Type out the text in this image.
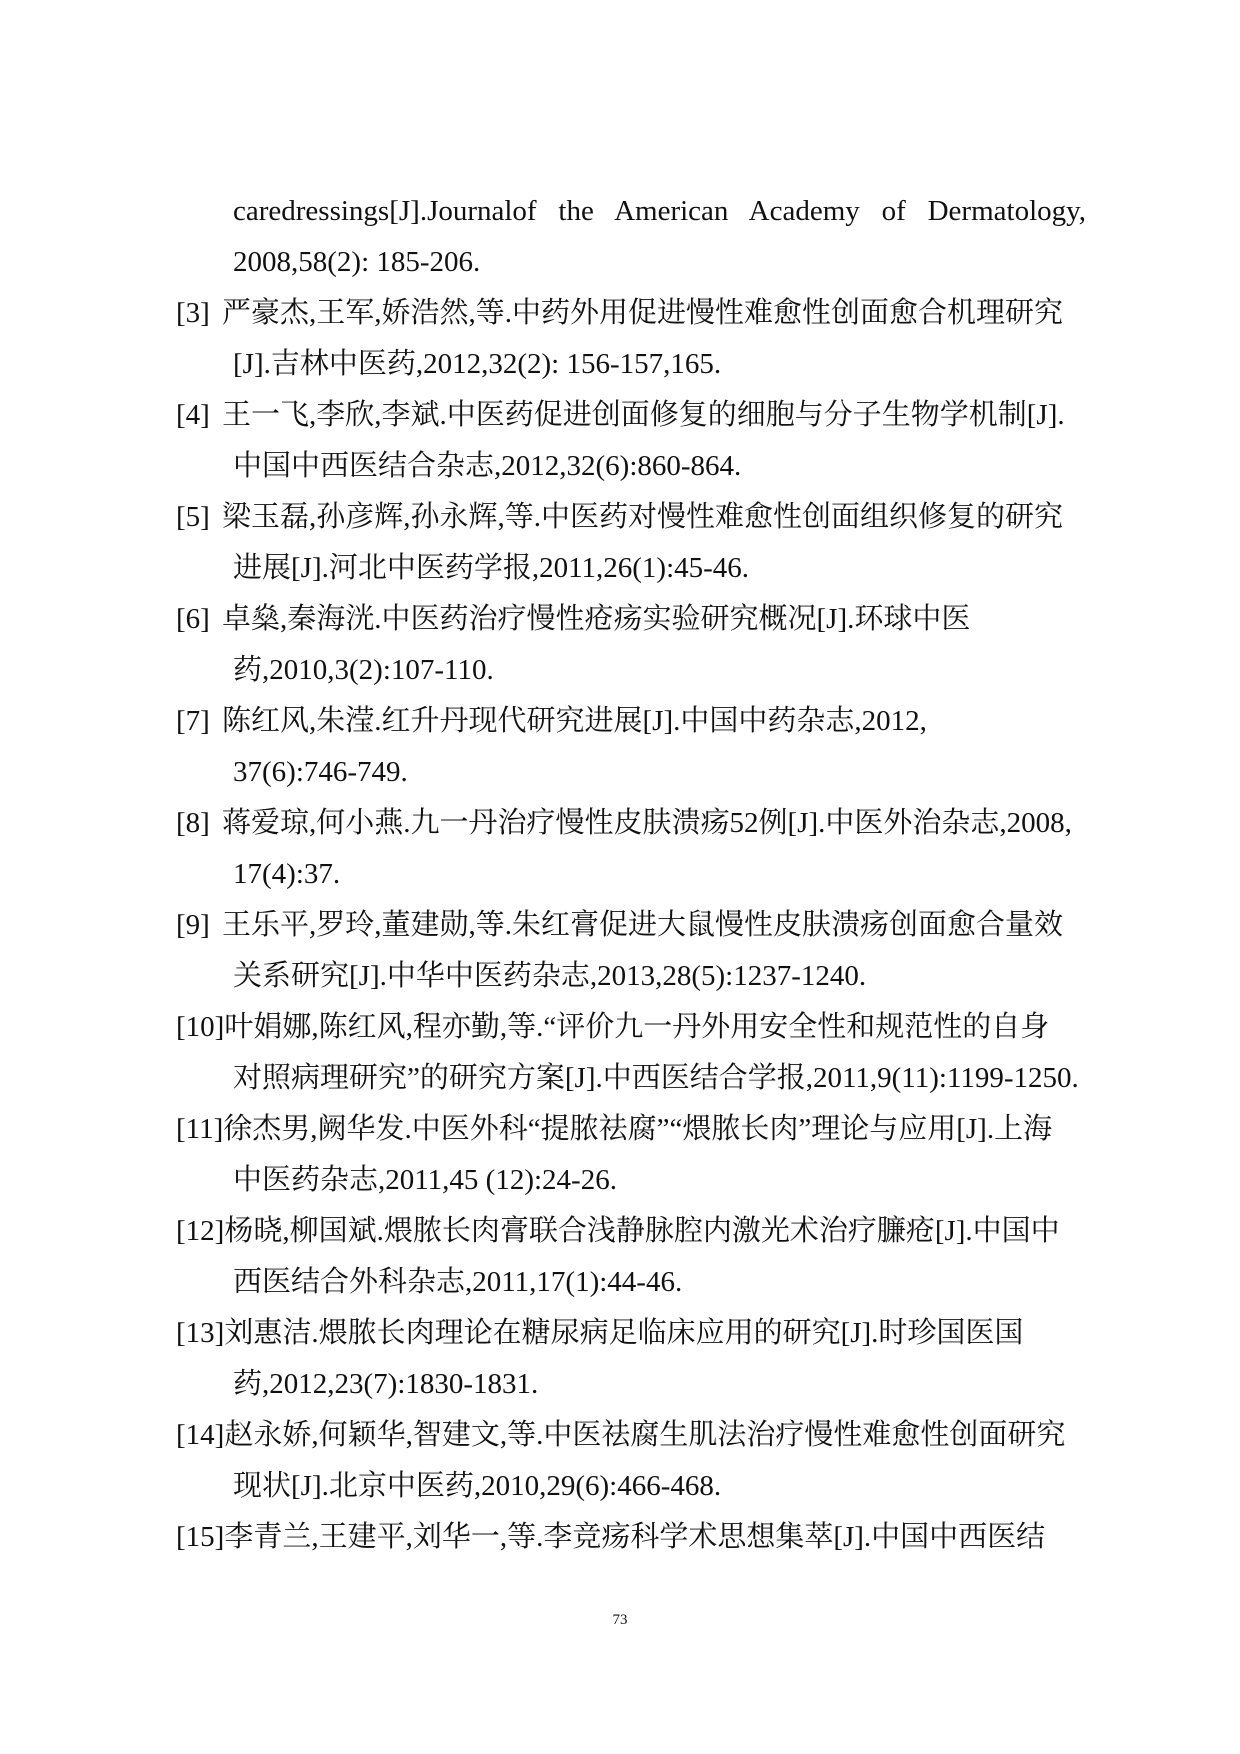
caredressings[J].Journalof the American Academy of Dermatology,
2008,58(2): 185-206.
[3] 严豪杰,王军,娇浩然,等.中药外用促进慢性难愈性创面愈合机理研究
[J].吉林中医药,2012,32(2): 156-157,165.
[4] 王一飞,李欣,李斌.中医药促进创面修复的细胞与分子生物学机制[J].
中国中西医结合杂志,2012,32(6):860-864.
[5] 梁玉磊,孙彦辉,孙永辉,等.中医药对慢性难愈性创面组织修复的研究
进展[J].河北中医药学报,2011,26(1):45-46.
[6] 卓燊,秦海洸.中医药治疗慢性疮疡实验研究概况[J].环球中医
药,2010,3(2):107-110.
[7] 陈红风,朱滢.红升丹现代研究进展[J].中国中药杂志,2012,
37(6):746-749.
[8] 蒋爱琼,何小燕.九一丹治疗慢性皮肤溃疡52例[J].中医外治杂志,2008,
17(4):37.
[9] 王乐平,罗玲,董建勋,等.朱红膏促进大鼠慢性皮肤溃疡创面愈合量效
关系研究[J].中华中医药杂志,2013,28(5):1237-1240.
[10]叶娟娜,陈红风,程亦勤,等.“评价九一丹外用安全性和规范性的自身
对照病理研究”的研究方案[J].中西医结合学报,2011,9(11):1199-1250.
[11]徐杰男,阙华发.中医外科“提脓祛腐”“煨脓长肉”理论与应用[J].上海
中医药杂志,2011,45 (12):24-26.
[12]杨晓,柳国斌.煨脓长肉膏联合浅静脉腔内激光术治疗臁疮[J].中国中
西医结合外科杂志,2011,17(1):44-46.
[13]刘惠洁.煨脓长肉理论在糖尿病足临床应用的研究[J].时珍国医国
药,2012,23(7):1830-1831.
[14]赵永娇,何颖华,智建文,等.中医祛腐生肌法治疗慢性难愈性创面研究
现状[J].北京中医药,2010,29(6):466-468.
[15]李青兰,王建平,刘华一,等.李竞疡科学术思想集萃[J].中国中西医结
73
